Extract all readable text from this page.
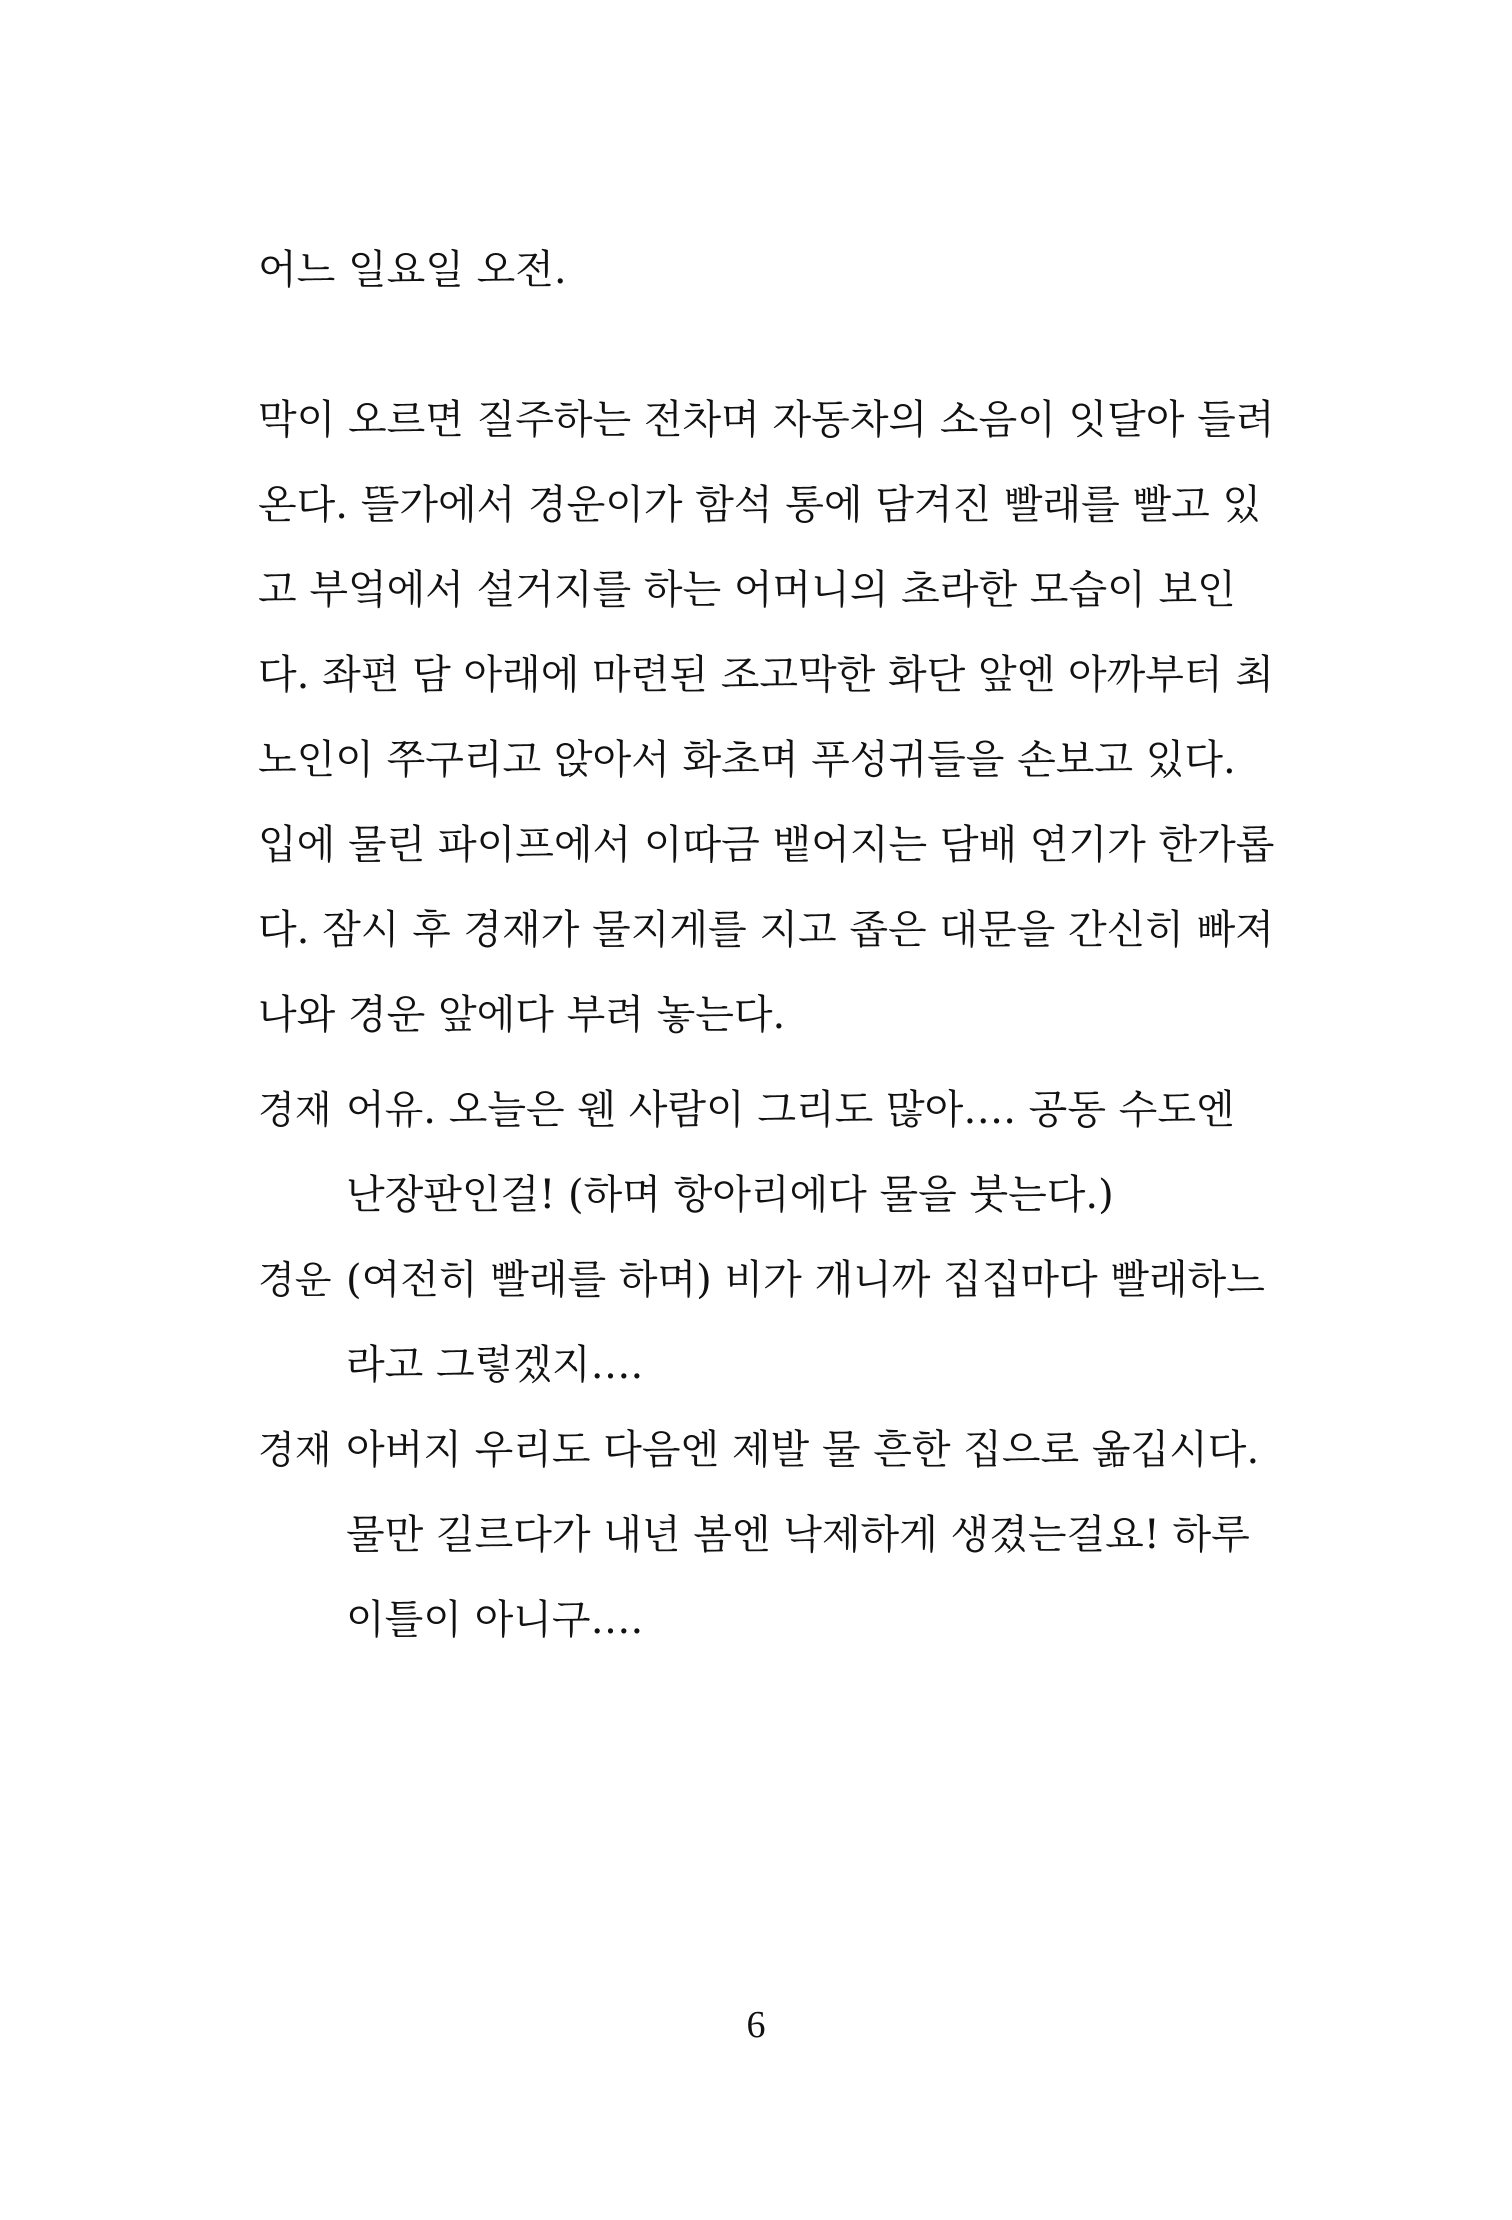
어느 일요일 오전.
막이 오르면 질주하는 전차며 자동차의 소음이 잇달아 들려
온다. 뜰가에서 경운이가 함석 통에 담겨진 빨래를 빨고 있
고 부엌에서 설거지를 하는 어머니의 초라한 모습이 보인
다. 좌편 담 아래에 마련된 조고막한 화단 앞엔 아까부터 최
노인이 쭈구리고 앉아서 화초며 푸성귀들을 손보고 있다.
입에 물린 파이프에서 이따금 뱉어지는 담배 연기가 한가롭
다. 잠시 후 경재가 물지게를 지고 좁은 대문을 간신히 빠져
나와 경운 앞에다 부려 놓는다.
경재 어유. 오늘은 웬 사람이 그리도 많아…. 공동 수도엔
난장판인걸! (하며 항아리에다 물을 붓는다.)
경운 (여전히 빨래를 하며) 비가 개니까 집집마다 빨래하느
라고 그렇겠지….
경재 아버지 우리도 다음엔 제발 물 흔한 집으로 옮깁시다.
물만 길르다가 내년 봄엔 낙제하게 생겼는걸요! 하루
이틀이 아니구….
6
